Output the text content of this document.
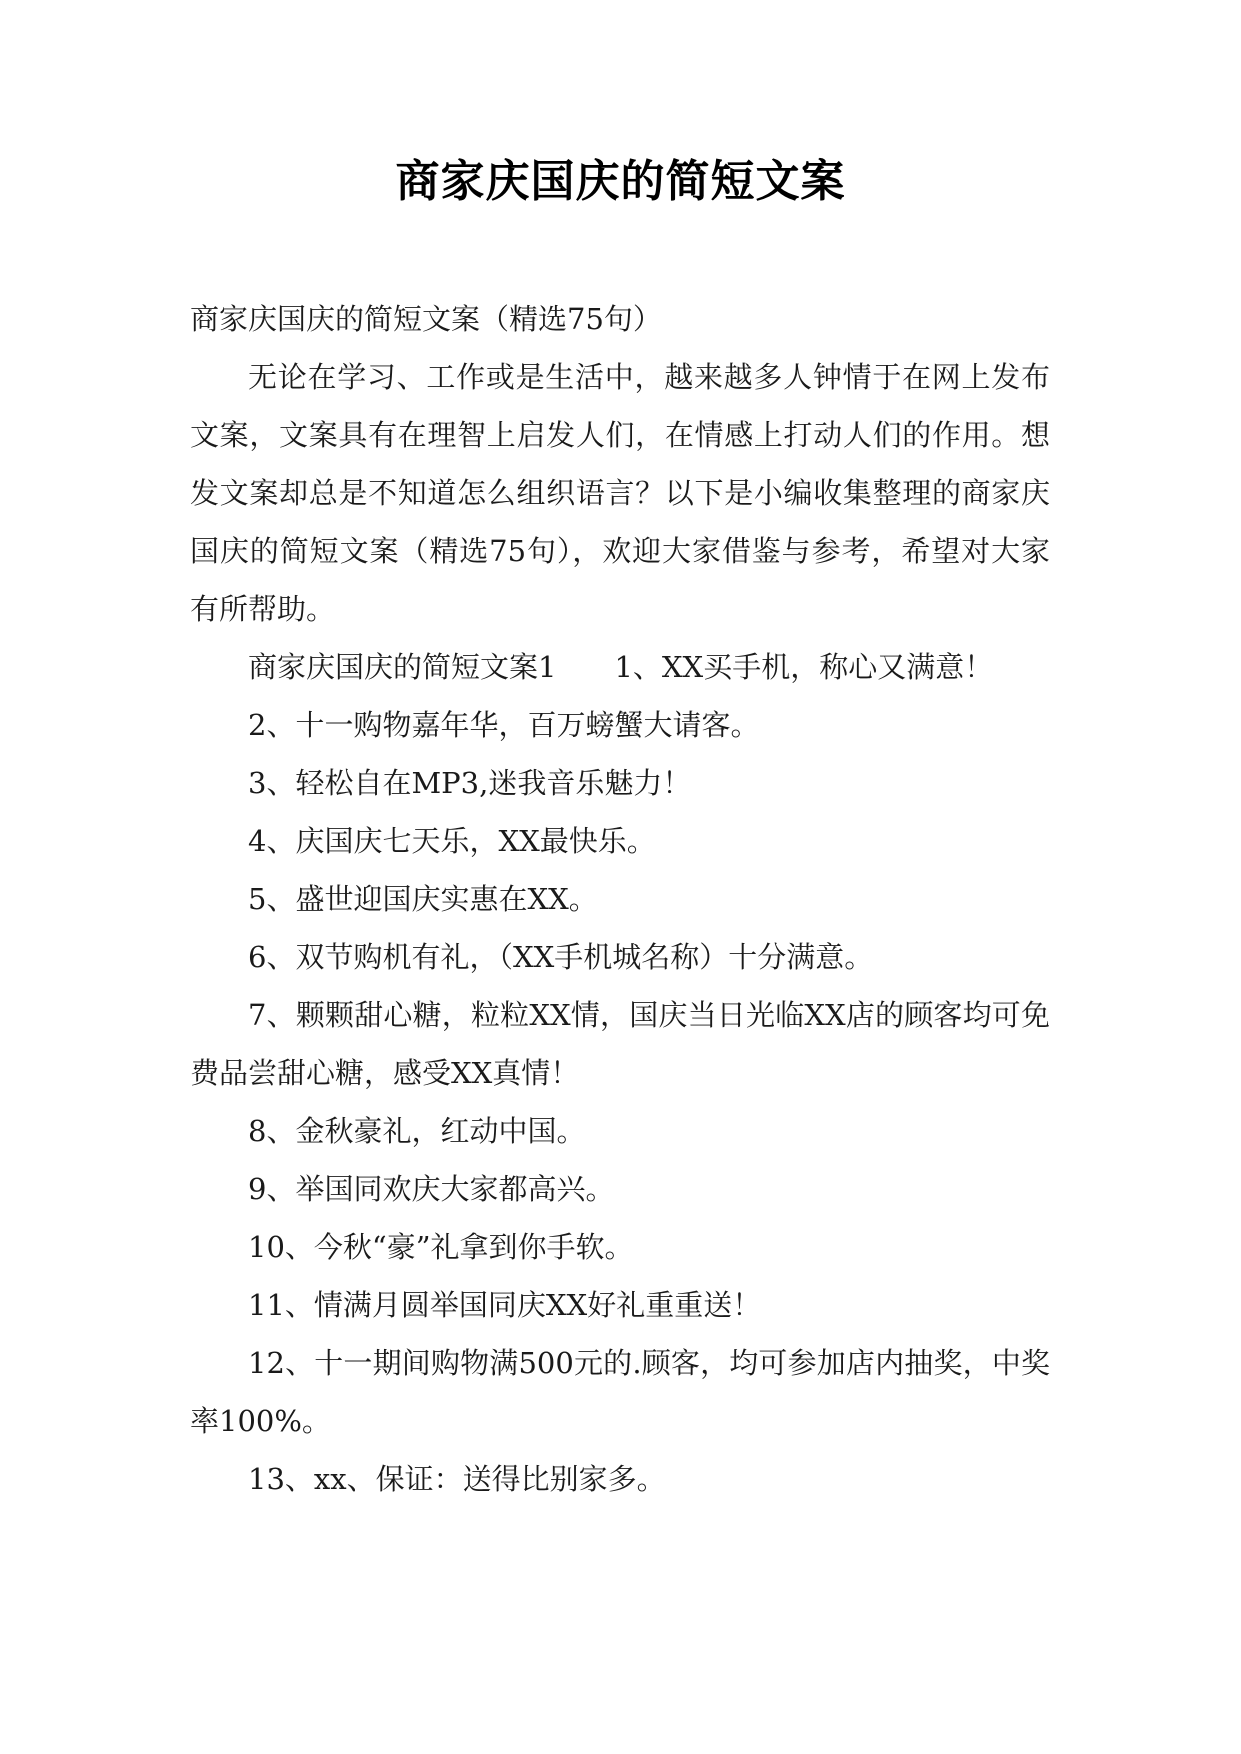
商家庆国庆的简短文案

商家庆国庆的简短文案（精选75句）

无论在学习、工作或是生活中，越来越多人钟情于在网上发布文案，文案具有在理智上启发人们，在情感上打动人们的作用。想发文案却总是不知道怎么组织语言？以下是小编收集整理的商家庆国庆的简短文案（精选75句），欢迎大家借鉴与参考，希望对大家有所帮助。

商家庆国庆的简短文案1　　1、XX买手机，称心又满意！

2、十一购物嘉年华，百万螃蟹大请客。

3、轻松自在MP3,迷我音乐魅力！

4、庆国庆七天乐，XX最快乐。

5、盛世迎国庆实惠在XX。

6、双节购机有礼，（XX手机城名称）十分满意。

7、颗颗甜心糖，粒粒XX情，国庆当日光临XX店的顾客均可免费品尝甜心糖，感受XX真情！

8、金秋豪礼，红动中国。

9、举国同欢庆大家都高兴。

10、今秋“豪”礼拿到你手软。

11、情满月圆举国同庆XX好礼重重送！

12、十一期间购物满500元的.顾客，均可参加店内抽奖，中奖率100%。

13、xx、保证：送得比别家多。
